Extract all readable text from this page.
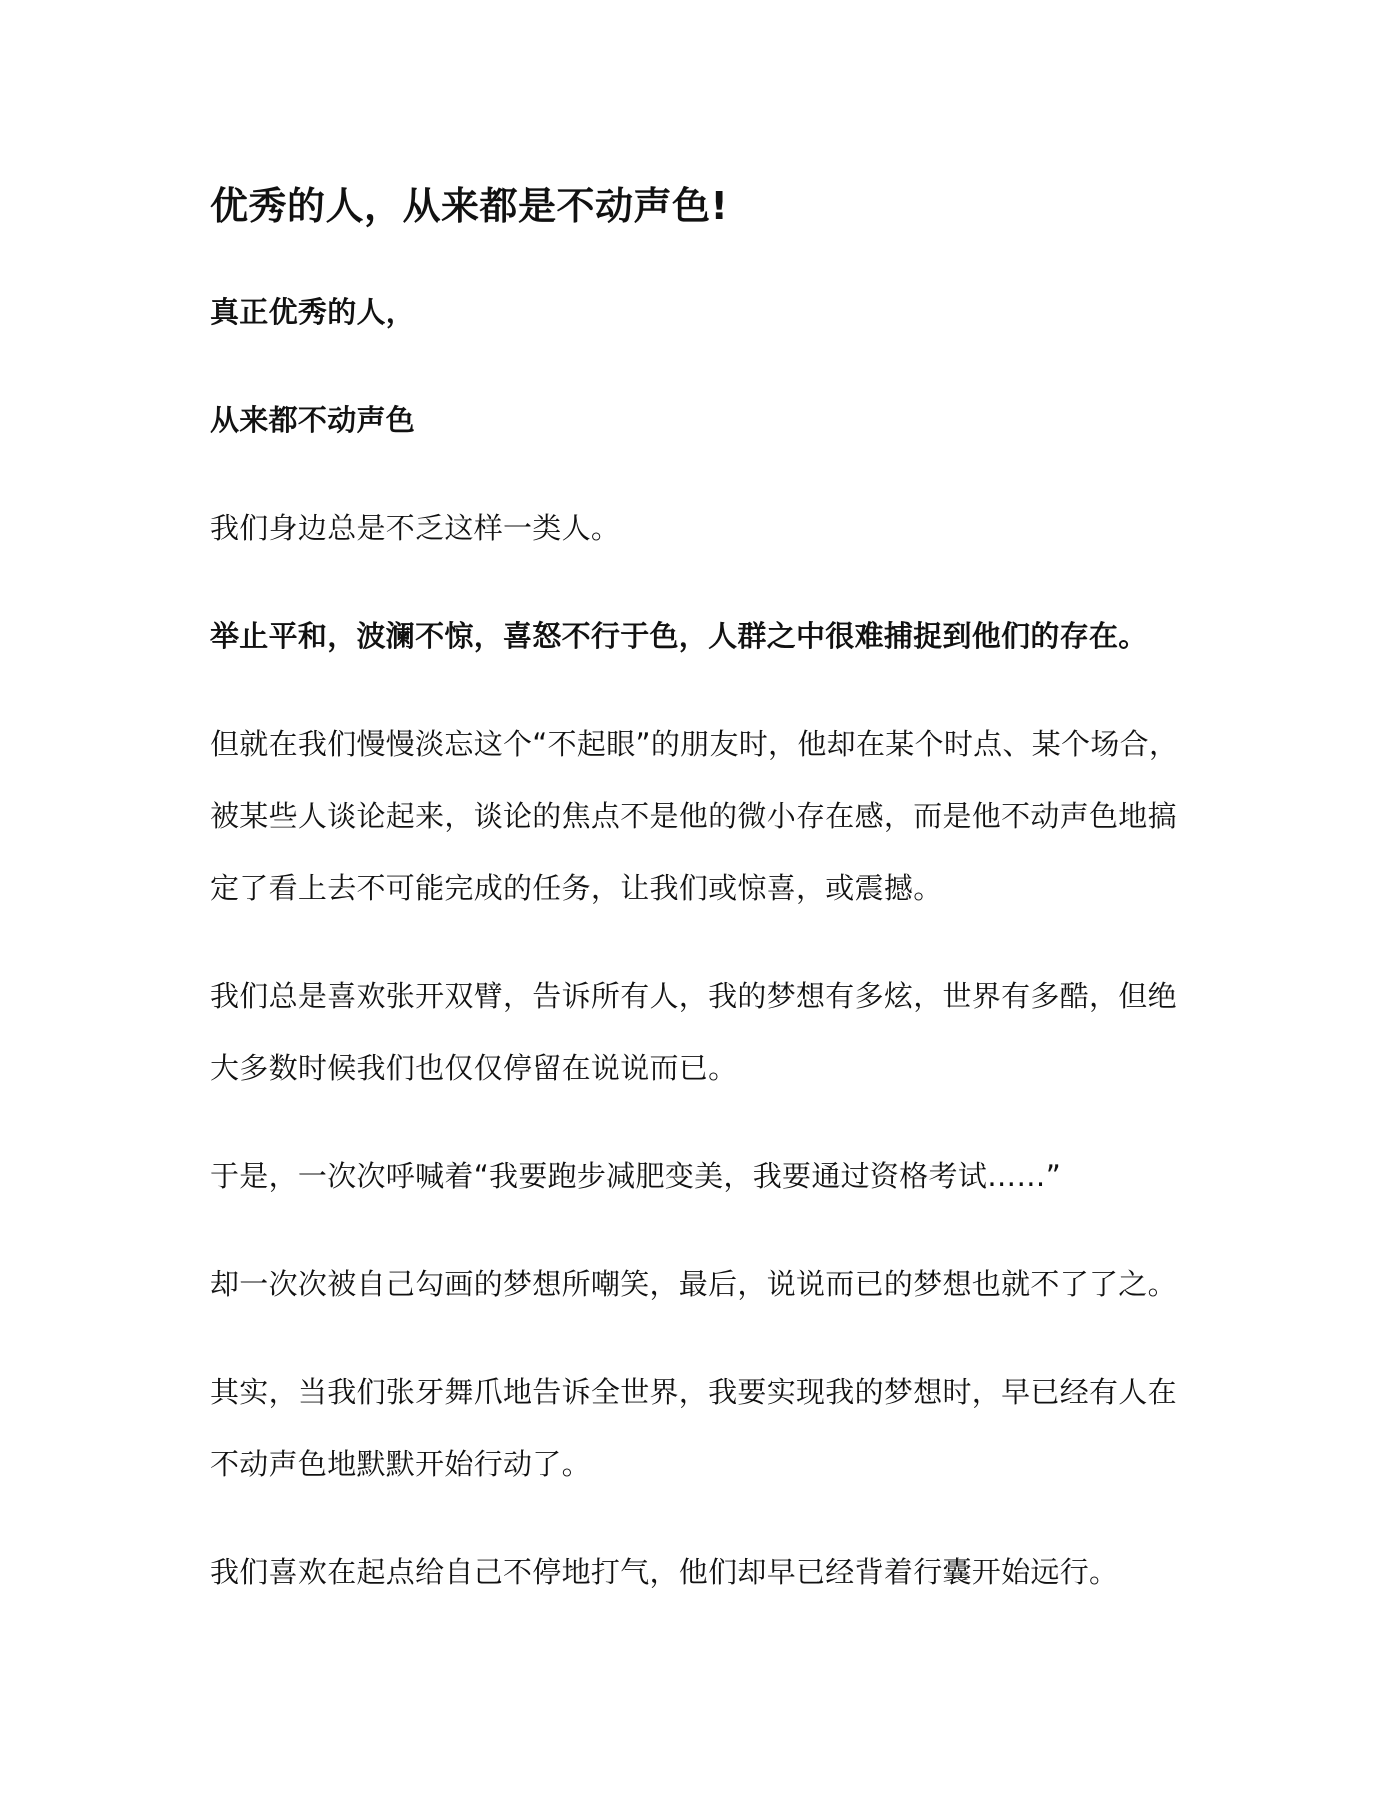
优秀的人，从来都是不动声色!

真正优秀的人，

从来都不动声色

我们身边总是不乏这样一类人。

举止平和，波澜不惊，喜怒不行于色，人群之中很难捕捉到他们的存在。

但就在我们慢慢淡忘这个“不起眼”的朋友时，他却在某个时点、某个场合，被某些人谈论起来，谈论的焦点不是他的微小存在感，而是他不动声色地搞定了看上去不可能完成的任务，让我们或惊喜，或震撼。

我们总是喜欢张开双臂，告诉所有人，我的梦想有多炫，世界有多酷，但绝大多数时候我们也仅仅停留在说说而已。

于是，一次次呼喊着“我要跑步减肥变美，我要通过资格考试……”

却一次次被自己勾画的梦想所嘲笑，最后，说说而已的梦想也就不了了之。

其实，当我们张牙舞爪地告诉全世界，我要实现我的梦想时，早已经有人在不动声色地默默开始行动了。

我们喜欢在起点给自己不停地打气，他们却早已经背着行囊开始远行。
